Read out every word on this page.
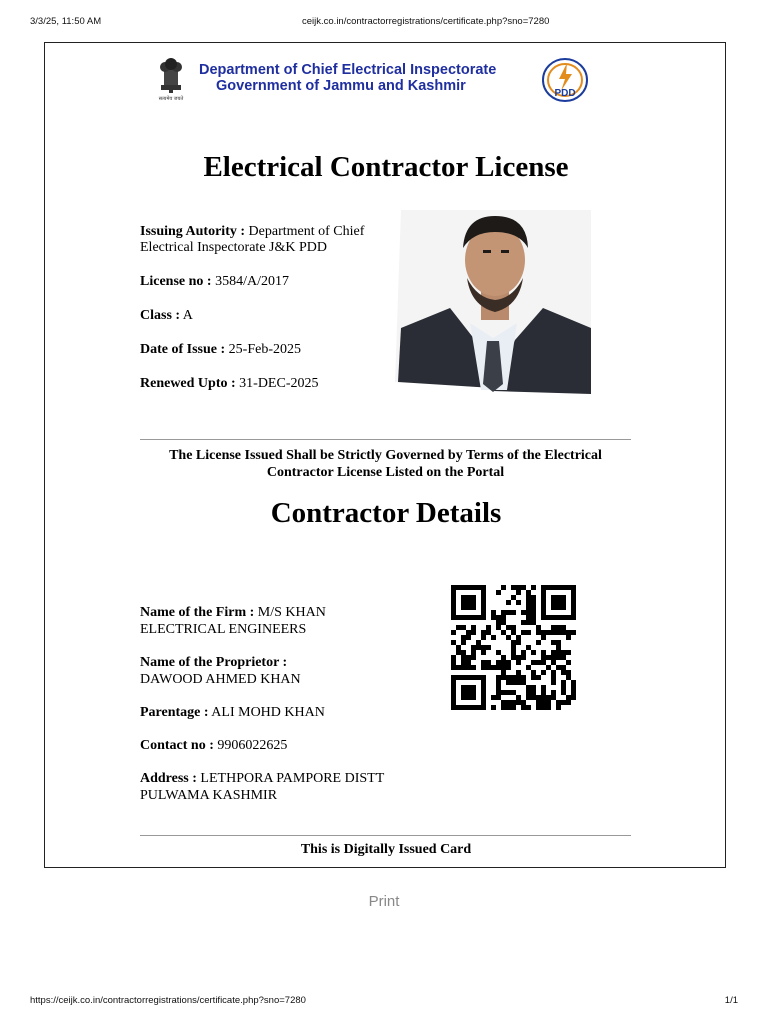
3/3/25, 11:50 AM	ceijk.co.in/contractorregistrations/certificate.php?sno=7280
सत्यमेव जयते
Department of Chief Electrical Inspectorate
Government of Jammu and Kashmir	PDD
Electrical Contractor License
Issuing Autority : Department of Chief Electrical Inspectorate J&K PDD
License no : 3584/A/2017
Class : A
Date of Issue : 25-Feb-2025
Renewed Upto : 31-DEC-2025
The License Issued Shall be Strictly Governed by Terms of the Electrical Contractor License Listed on the Portal
Contractor Details
Name of the Firm : M/S KHAN ELECTRICAL ENGINEERS
Name of the Proprietor :
DAWOOD AHMED KHAN
Parentage : ALI MOHD KHAN
Contact no : 9906022625
Address : LETHPORA PAMPORE DISTT PULWAMA KASHMIR
This is Digitally Issued Card
Print
https://ceijk.co.in/contractorregistrations/certificate.php?sno=7280	1/1
